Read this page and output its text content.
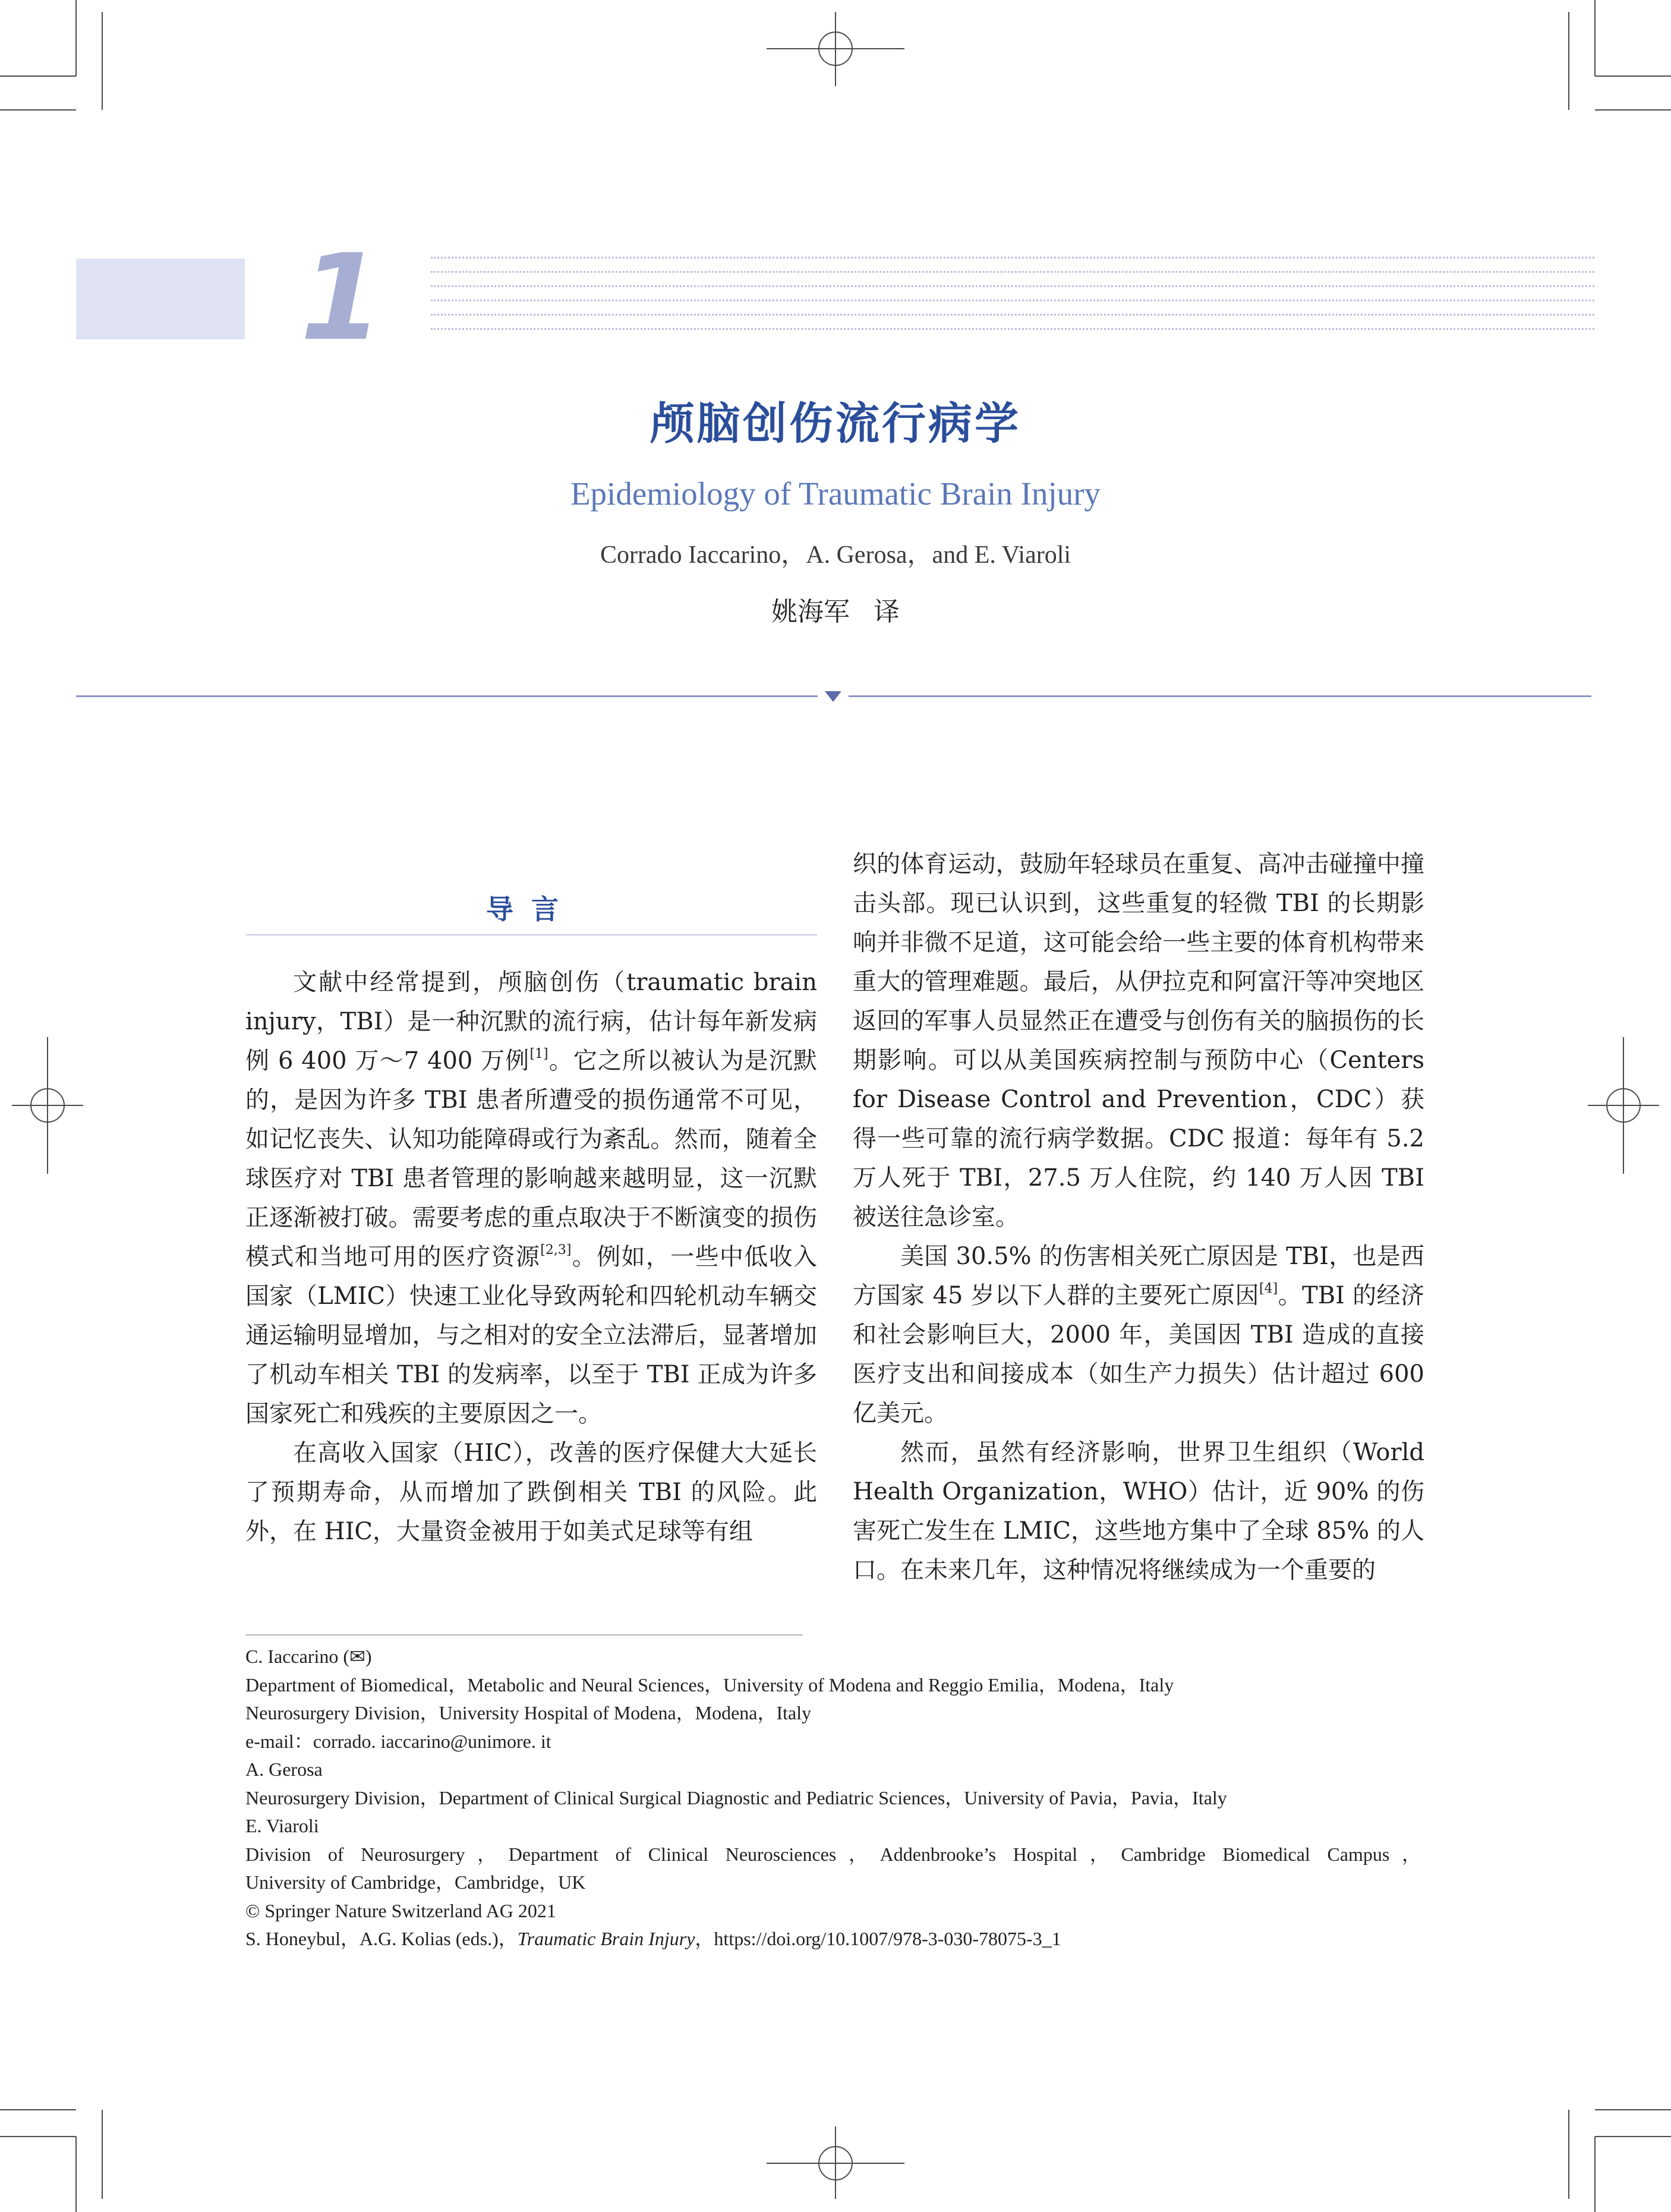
1
颅脑创伤流行病学
Epidemiology of Traumatic Brain Injury
Corrado Iaccarino，A. Gerosa，and E. Viaroli
姚海军 译
导言

文献中经常提到，颅脑创伤（traumatic brain injury，TBI）是一种沉默的流行病，估计每年新发病例 6 400 万～7 400 万例[1]。它之所以被认为是沉默的，是因为许多 TBI 患者所遭受的损伤通常不可见，如记忆丧失、认知功能障碍或行为紊乱。然而，随着全球医疗对 TBI 患者管理的影响越来越明显，这一沉默正逐渐被打破。需要考虑的重点取决于不断演变的损伤模式和当地可用的医疗资源[2,3]。例如，一些中低收入国家（LMIC）快速工业化导致两轮和四轮机动车辆交通运输明显增加，与之相对的安全立法滞后，显著增加了机动车相关 TBI 的发病率，以至于 TBI 正成为许多国家死亡和残疾的主要原因之一。

在高收入国家（HIC），改善的医疗保健大大延长了预期寿命，从而增加了跌倒相关 TBI 的风险。此外，在 HIC，大量资金被用于如美式足球等有组

织的体育运动，鼓励年轻球员在重复、高冲击碰撞中撞击头部。现已认识到，这些重复的轻微 TBI 的长期影响并非微不足道，这可能会给一些主要的体育机构带来重大的管理难题。最后，从伊拉克和阿富汗等冲突地区返回的军事人员显然正在遭受与创伤有关的脑损伤的长期影响。可以从美国疾病控制与预防中心（Centers for Disease Control and Prevention，CDC）获得一些可靠的流行病学数据。CDC 报道：每年有 5.2 万人死于 TBI，27.5 万人住院，约 140 万人因 TBI 被送往急诊室。

美国 30.5% 的伤害相关死亡原因是 TBI，也是西方国家 45 岁以下人群的主要死亡原因[4]。TBI 的经济和社会影响巨大，2000 年，美国因 TBI 造成的直接医疗支出和间接成本（如生产力损失）估计超过 600 亿美元。

然而，虽然有经济影响，世界卫生组织（World Health Organization，WHO）估计，近 90% 的伤害死亡发生在 LMIC，这些地方集中了全球 85% 的人口。在未来几年，这种情况将继续成为一个重要的

C. Iaccarino (✉)
Department of Biomedical，Metabolic and Neural Sciences，University of Modena and Reggio Emilia，Modena，Italy
Neurosurgery Division，University Hospital of Modena，Modena，Italy
e-mail：corrado. iaccarino@unimore. it
A. Gerosa
Neurosurgery Division，Department of Clinical Surgical Diagnostic and Pediatric Sciences，University of Pavia，Pavia，Italy
E. Viaroli
Division of Neurosurgery，Department of Clinical Neurosciences，Addenbrooke’s Hospital，Cambridge Biomedical Campus，
University of Cambridge，Cambridge，UK
© Springer Nature Switzerland AG 2021
S. Honeybul，A.G. Kolias (eds.)，Traumatic Brain Injury，https://doi.org/10.1007/978-3-030-78075-3_1
